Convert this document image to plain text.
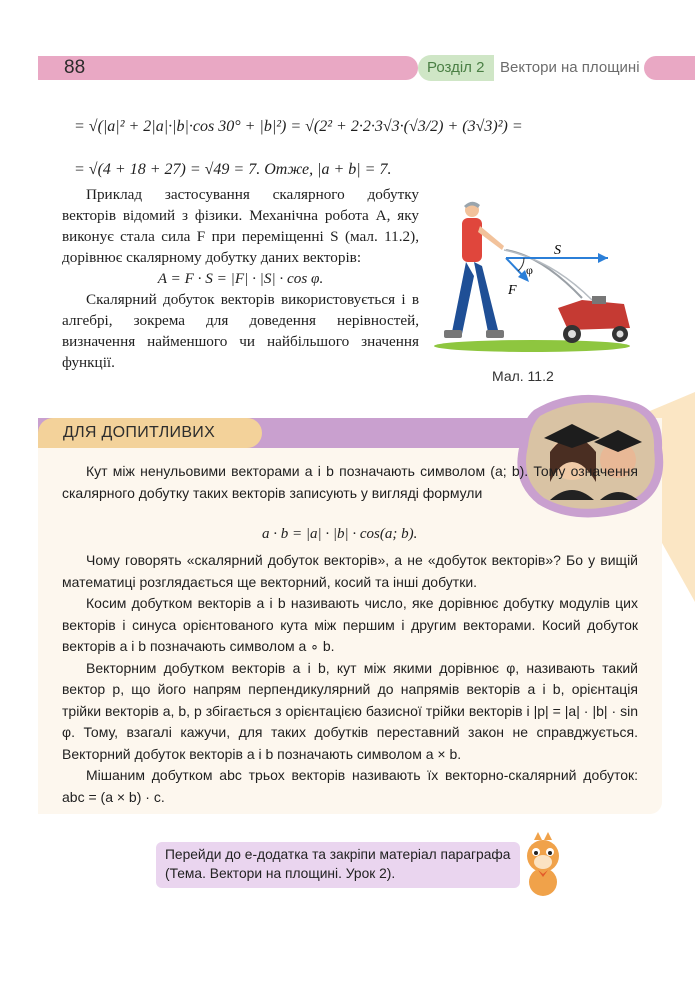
88	Розділ 2 Вектори на площині
= √(|a|² + 2|a|·|b|·cos 30° + |b|²) = √(2² + 2·2·3√3·(√3/2) + (3√3)²) =
= √(4 + 18 + 27) = √49 = 7. Отже, |a + b| = 7.

Приклад застосування скалярного добутку векторів відомий з фізики. Механічна робота A, яку виконує стала сила F при переміщенні S (мал. 11.2), дорівнює скалярному добутку даних векторів:

A = F · S = |F| · |S| · cos φ.

Скалярний добуток векторів використовується і в алгебрі, зокрема для доведення нерівностей, визначення найменшого чи найбільшого значення функції.

S
F
φ
Мал. 11.2
ДЛЯ ДОПИТЛИВИХ

Кут між ненульовими векторами a і b позначають символом (a; b). Тому означення скалярного добутку таких векторів записують у вигляді формули

a · b = |a| · |b| · cos(a; b).

Чому говорять «скалярний добуток векторів», а не «добуток векторів»? Бо у вищій математиці розглядається ще векторний, косий та інші добутки.

Косим добутком векторів a і b називають число, яке дорівнює добутку модулів цих векторів і синуса орієнтованого кута між першим і другим векторами. Косий добуток векторів a і b позначають символом a ∘ b.

Векторним добутком векторів a і b, кут між якими дорівнює φ, називають такий вектор p, що його напрям перпендикулярний до напрямів векторів a і b, орієнтація трійки векторів a, b, p збігається з орієнтацією базисної трійки векторів і |p| = |a| · |b| · sin φ. Тому, взагалі кажучи, для таких добутків переставний закон не справджується. Векторний добуток векторів a і b позначають символом a × b.

Мішаним добутком abc трьох векторів називають їх векторно-скалярний добуток: abc = (a × b) · c.

Перейди до е-додатка та закріпи матеріал параграфа (Тема. Вектори на площині. Урок 2).
